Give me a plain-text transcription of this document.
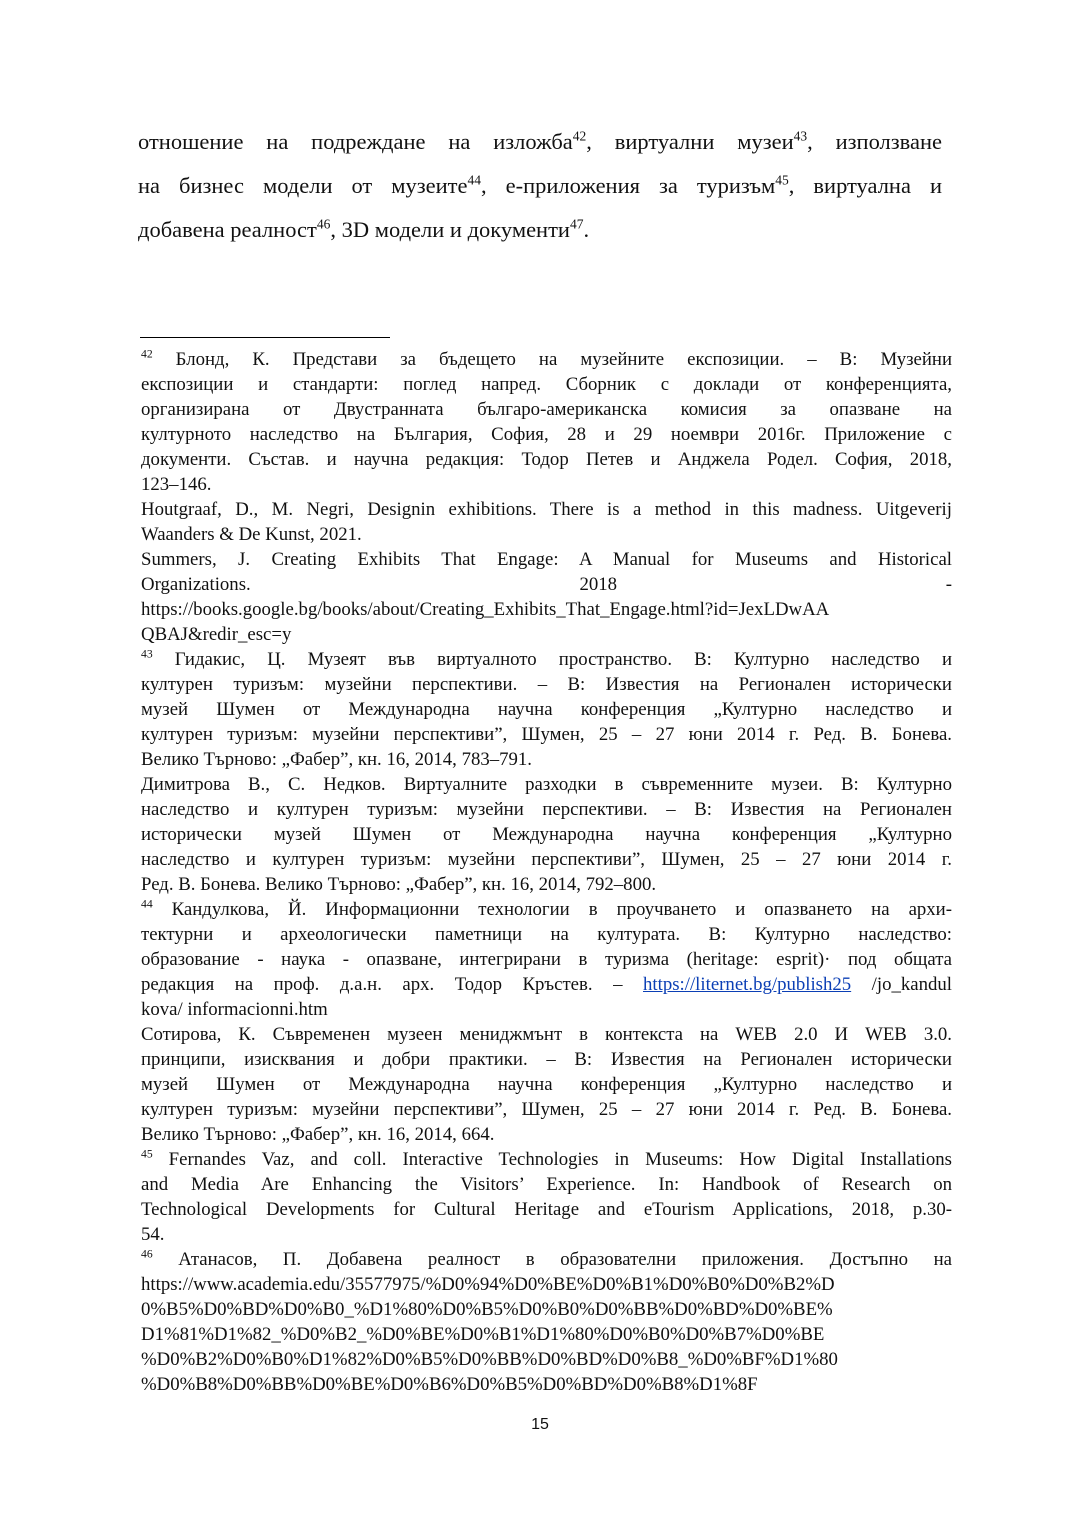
отношение на подреждане на изложба$^{42}$, виртуални музеи$^{43}$, използване
на бизнес модели от музеите$^{44}$, е-приложения за туризъм$^{45}$, виртуална и
добавена реалност$^{46}$, 3D модели и документи$^{47}$.
$^{42}$ Блонд, К. Представи за бъдещето на музейните експозиции. – В: Музейни
експозиции и стандарти: поглед напред. Сборник с доклади от конференцията,
организирана от Двустранната българо-американска комисия за опазване на
културното наследство на България, София, 28 и 29 ноември 2016г. Приложение с
документи. Състав. и научна редакция: Тодор Петев и Анджела Родел. София, 2018,
123–146.
Houtgraaf, D., M. Negri, Designin exhibitions. There is a method in this madness. Uitgeverij
Waanders & De Kunst, 2021.
Summers, J. Creating Exhibits That Engage: A Manual for Museums and Historical
Organizations.	2018	-
https://books.google.bg/books/about/Creating_Exhibits_That_Engage.html?id=JexLDwAA
QBAJ&redir_esc=y
$^{43}$ Гидакис, Ц. Музеят във виртуалното пространство. В: Културно наследство и
културен туризъм: музейни перспективи. – В: Известия на Регионален исторически
музей Шумен от Международна научна конференция „Културно наследство и
културен туризъм: музейни перспективи”, Шумен, 25 – 27 юни 2014 г. Ред. В. Бонева.
Велико Търново: „Фабер”, кн. 16, 2014, 783–791.
Димитрова В., С. Недков. Виртуалните разходки в съвременните музеи. В: Културно
наследство и културен туризъм: музейни перспективи. – В: Известия на Регионален
исторически музей Шумен от Международна научна конференция „Културно
наследство и културен туризъм: музейни перспективи”, Шумен, 25 – 27 юни 2014 г.
Ред. В. Бонева. Велико Търново: „Фабер”, кн. 16, 2014, 792–800.
$^{44}$ Кандулкова, Й. Информационни технологии в проучването и опазването на архи-
тектурни и археологически паметници на културата. В: Културно наследство:
образование - наука - опазване, интегрирани в туризма (heritage: esprit)· под общата
редакция на проф. д.а.н. арх. Тодор Кръстев. – https://liternet.bg/publish25 /jo_kandul
kova/ informacionni.htm
Сотирова, К. Съвременен музеен мениджмънт в контекста на WEB 2.0 И WEB 3.0.
принципи, изисквания и добри практики. – В: Известия на Регионален исторически
музей Шумен от Международна научна конференция „Културно наследство и
културен туризъм: музейни перспективи”, Шумен, 25 – 27 юни 2014 г. Ред. В. Бонева.
Велико Търново: „Фабер”, кн. 16, 2014, 664.
$^{45}$ Fernandes Vaz, and coll. Interactive Technologies in Museums: How Digital Installations
and Media Are Enhancing the Visitors’ Experience. In: Handbook of Research on
Technological Developments for Cultural Heritage and eTourism Applications, 2018, p.30-
54.
$^{46}$ Атанасов, П. Добавена реалност в образователни приложения. Достъпно на
https://www.academia.edu/35577975/%D0%94%D0%BE%D0%B1%D0%B0%D0%B2%D
0%B5%D0%BD%D0%B0_%D1%80%D0%B5%D0%B0%D0%BB%D0%BD%D0%BE%
D1%81%D1%82_%D0%B2_%D0%BE%D0%B1%D1%80%D0%B0%D0%B7%D0%BE
%D0%B2%D0%B0%D1%82%D0%B5%D0%BB%D0%BD%D0%B8_%D0%BF%D1%80
%D0%B8%D0%BB%D0%BE%D0%B6%D0%B5%D0%BD%D0%B8%D1%8F
15
